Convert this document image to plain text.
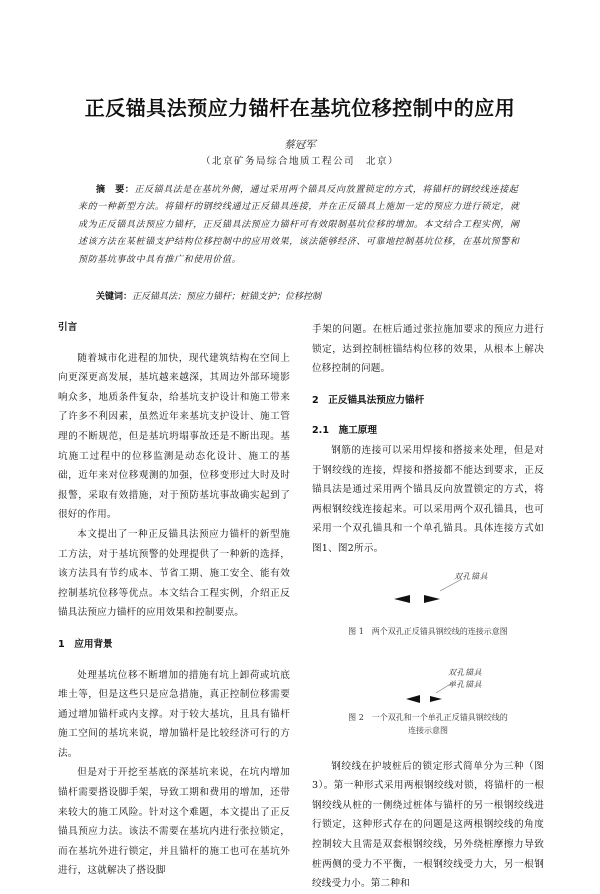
正反锚具法预应力锚杆在基坑位移控制中的应用
蔡冠军
（北京矿务局综合地质工程公司　北京）
摘　要：正反锚具法是在基坑外侧，通过采用两个锚具反向放置锁定的方式，将锚杆的钢绞线连接起来的一种新型方法。将锚杆的钢绞线通过正反锚具连接，并在正反锚具上施加一定的预应力进行锁定，就成为正反锚具法预应力锚杆，正反锚具法预应力锚杆可有效限制基坑位移的增加。本文结合工程实例，阐述该方法在某桩锚支护结构位移控制中的应用效果，该法能够经济、可靠地控制基坑位移，在基坑预警和预防基坑事故中具有推广和使用价值。
关键词：正反锚具法；预应力锚杆；桩锚支护；位移控制
引言

随着城市化进程的加快，现代建筑结构在空间上向更深更高发展，基坑越来越深，其周边外部环境影响众多，地质条件复杂，给基坑支护设计和施工带来了许多不利因素，虽然近年来基坑支护设计、施工管理的不断规范，但是基坑坍塌事故还是不断出现。基坑施工过程中的位移监测是动态化设计、施工的基础，近年来对位移观测的加强，位移变形过大时及时报警，采取有效措施，对于预防基坑事故确实起到了很好的作用。

本文提出了一种正反锚具法预应力锚杆的新型施工方法，对于基坑预警的处理提供了一种新的选择，该方法具有节约成本、节省工期、施工安全、能有效控制基坑位移等优点。本文结合工程实例，介绍正反锚具法预应力锚杆的应用效果和控制要点。

1　应用背景

处理基坑位移不断增加的措施有坑上卸荷或坑底堆土等，但是这些只是应急措施，真正控制位移需要通过增加锚杆或内支撑。对于较大基坑，且具有锚杆施工空间的基坑来说，增加锚杆是比较经济可行的方法。

但是对于开挖至基底的深基坑来说，在坑内增加锚杆需要搭设脚手架，导致工期和费用的增加，还带来较大的施工风险。针对这个难题，本文提出了正反锚具预应力法。该法不需要在基坑内进行张拉锁定，而在基坑外进行锁定，并且锚杆的施工也可在基坑外进行，这就解决了搭设脚

手架的问题。在桩后通过张拉施加要求的预应力进行锁定，达到控制桩锚结构位移的效果，从根本上解决位移控制的问题。

2　正反锚具法预应力锚杆
2.1　施工原理

钢筋的连接可以采用焊接和搭接来处理，但是对于钢绞线的连接，焊接和搭接都不能达到要求，正反锚具法是通过采用两个锚具反向放置锁定的方式，将两根钢绞线连接起来。可以采用两个双孔锚具，也可采用一个双孔锚具和一个单孔锚具。具体连接方式如图1、图2所示。

双孔锚具
图 1　两个双孔正反锚具钢绞线的连接示意图
双孔锚具
单孔锚具
图 2　一个双孔和一个单孔正反锚具钢绞线的
连接示意图

钢绞线在护坡桩后的锁定形式简单分为三种（图3）。第一种形式采用两根钢绞线对锁，将锚杆的一根钢绞线从桩的一侧绕过桩体与锚杆的另一根钢绞线进行锁定，这种形式存在的问题是这两根钢绞线的角度控制较大且需是双套根钢绞线，另外绕桩摩擦力导致桩两侧的受力不平衡，一根钢绞线受力大，另一根钢绞线受力小。第二种和
